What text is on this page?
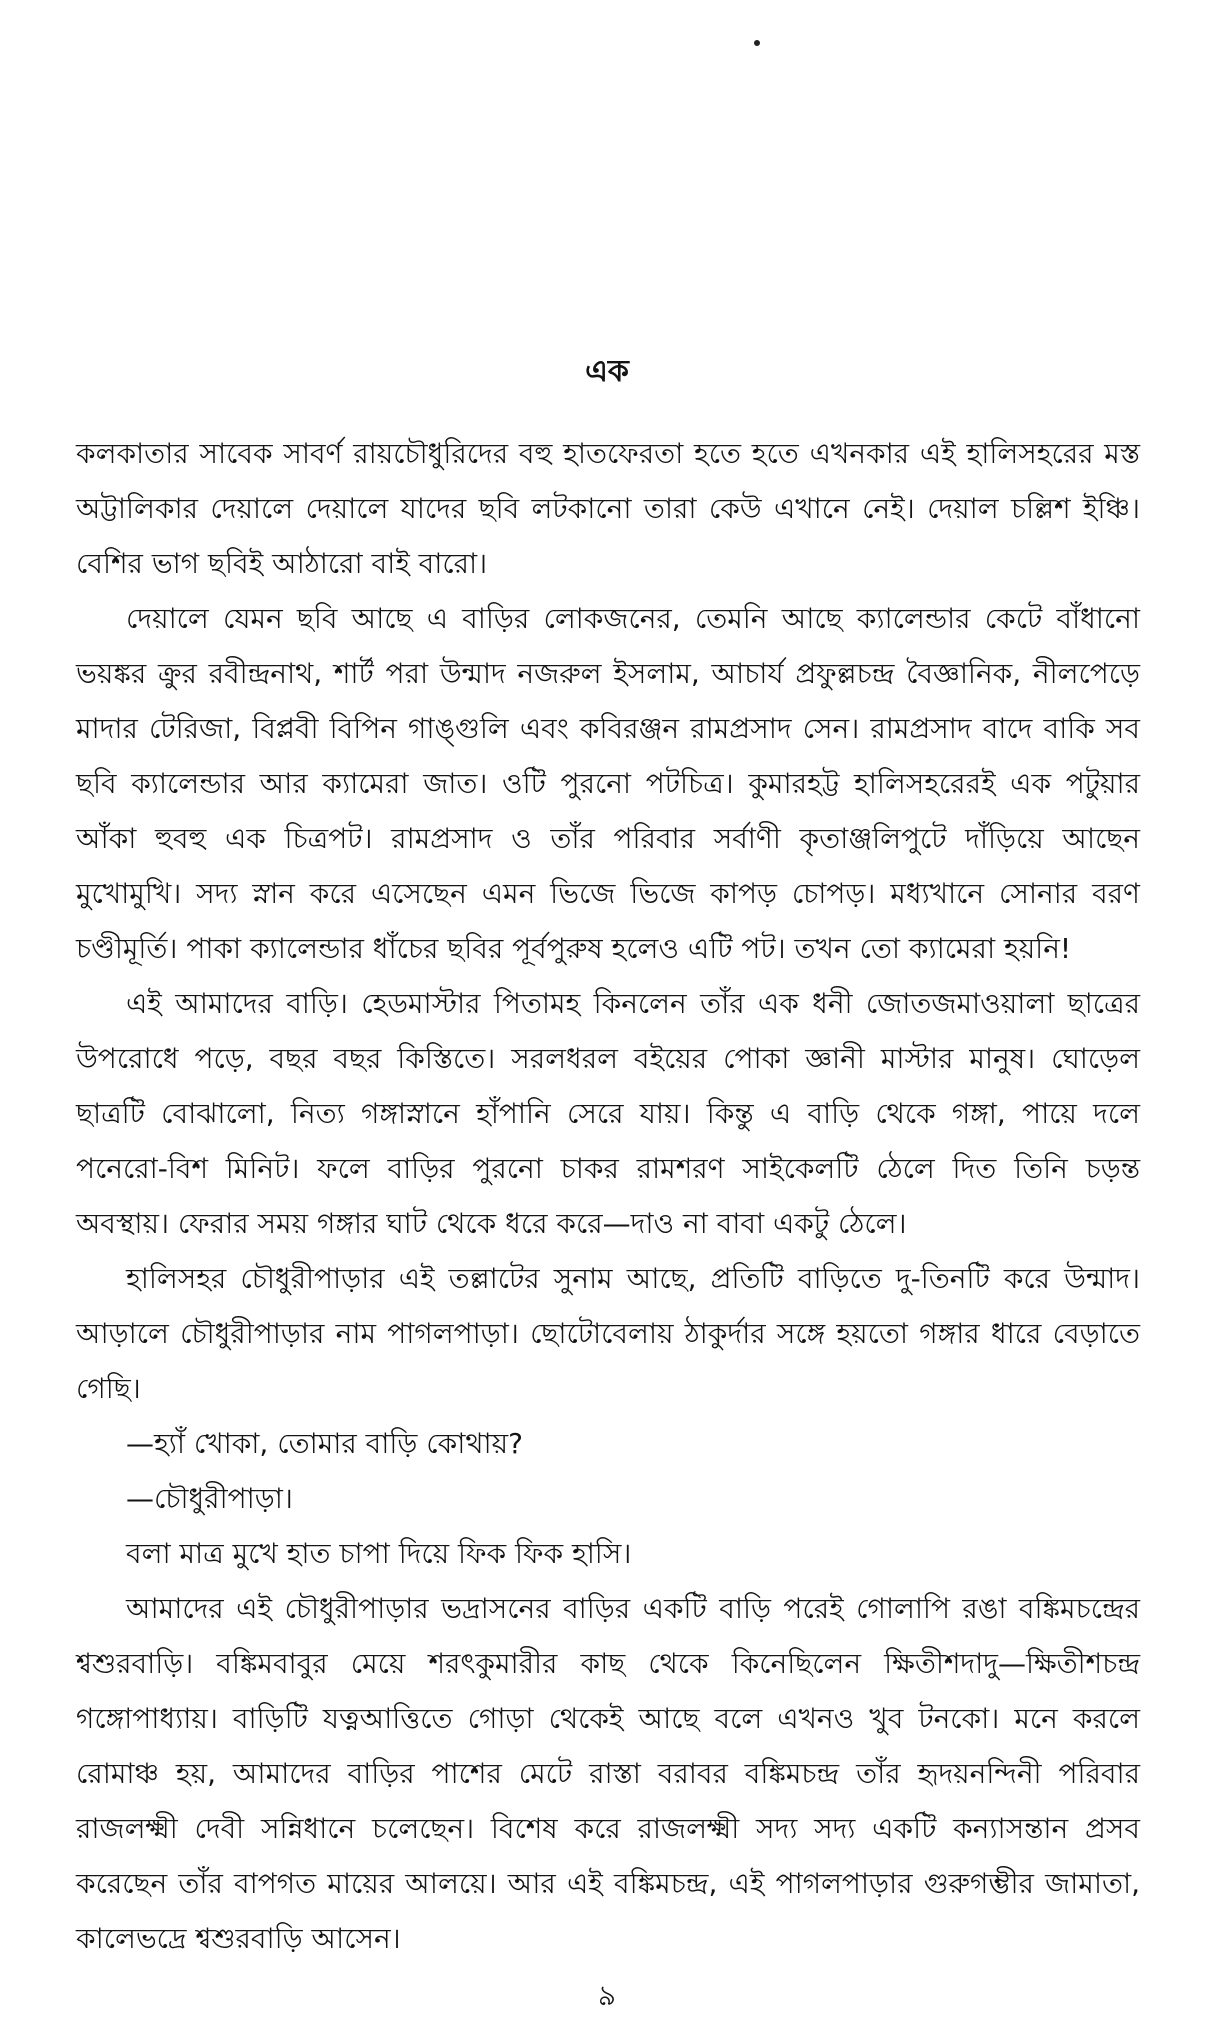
এক

কলকাতার সাবেক সাবর্ণ রায়চৌধুরিদের বহু হাতফেরতা হতে হতে এখনকার এই হালিসহরের মস্ত অট্টালিকার দেয়ালে দেয়ালে যাদের ছবি লটকানো তারা কেউ এখানে নেই। দেয়াল চল্লিশ ইঞ্চি। বেশির ভাগ ছবিই আঠারো বাই বারো।

দেয়ালে যেমন ছবি আছে এ বাড়ির লোকজনের, তেমনি আছে ক্যালেন্ডার কেটে বাঁধানো ভয়ঙ্কর ক্রুর রবীন্দ্রনাথ, শার্ট পরা উন্মাদ নজরুল ইসলাম, আচার্য প্রফুল্লচন্দ্র বৈজ্ঞানিক, নীলপেড়ে মাদার টেরিজা, বিপ্লবী বিপিন গাঙ্গুলি এবং কবিরঞ্জন রামপ্রসাদ সেন। রামপ্রসাদ বাদে বাকি সব ছবি ক্যালেন্ডার আর ক্যামেরা জাত। ওটি পুরনো পটচিত্র। কুমারহট্ট হালিসহরেরই এক পটুয়ার আঁকা হুবহু এক চিত্রপট। রামপ্রসাদ ও তাঁর পরিবার সর্বাণী কৃতাঞ্জলিপুটে দাঁড়িয়ে আছেন মুখোমুখি। সদ্য স্নান করে এসেছেন এমন ভিজে ভিজে কাপড় চোপড়। মধ্যখানে সোনার বরণ চণ্ডীমূর্তি। পাকা ক্যালেন্ডার ধাঁচের ছবির পূর্বপুরুষ হলেও এটি পট। তখন তো ক্যামেরা হয়নি!

এই আমাদের বাড়ি। হেডমাস্টার পিতামহ কিনলেন তাঁর এক ধনী জোতজমাওয়ালা ছাত্রের উপরোধে পড়ে, বছর বছর কিস্তিতে। সরলধরল বইয়ের পোকা জ্ঞানী মাস্টার মানুষ। ঘোড়েল ছাত্রটি বোঝালো, নিত্য গঙ্গাস্নানে হাঁপানি সেরে যায়। কিন্তু এ বাড়ি থেকে গঙ্গা, পায়ে দলে পনেরো-বিশ মিনিট। ফলে বাড়ির পুরনো চাকর রামশরণ সাইকেলটি ঠেলে দিত তিনি চড়ন্ত অবস্থায়। ফেরার সময় গঙ্গার ঘাট থেকে ধরে করে—দাও না বাবা একটু ঠেলে।

হালিসহর চৌধুরীপাড়ার এই তল্লাটের সুনাম আছে, প্রতিটি বাড়িতে দু-তিনটি করে উন্মাদ। আড়ালে চৌধুরীপাড়ার নাম পাগলপাড়া। ছোটোবেলায় ঠাকুর্দার সঙ্গে হয়তো গঙ্গার ধারে বেড়াতে গেছি।

—হ্যাঁ খোকা, তোমার বাড়ি কোথায়?

—চৌধুরীপাড়া।

বলা মাত্র মুখে হাত চাপা দিয়ে ফিক ফিক হাসি।

আমাদের এই চৌধুরীপাড়ার ভদ্রাসনের বাড়ির একটি বাড়ি পরেই গোলাপি রঙা বঙ্কিমচন্দ্রের শ্বশুরবাড়ি। বঙ্কিমবাবুর মেয়ে শরৎকুমারীর কাছ থেকে কিনেছিলেন ক্ষিতীশদাদু—ক্ষিতীশচন্দ্র গঙ্গোপাধ্যায়। বাড়িটি যত্নআত্তিতে গোড়া থেকেই আছে বলে এখনও খুব টনকো। মনে করলে রোমাঞ্চ হয়, আমাদের বাড়ির পাশের মেটে রাস্তা বরাবর বঙ্কিমচন্দ্র তাঁর হৃদয়নন্দিনী পরিবার রাজলক্ষ্মী দেবী সন্নিধানে চলেছেন। বিশেষ করে রাজলক্ষ্মী সদ্য সদ্য একটি কন্যাসন্তান প্রসব করেছেন তাঁর বাপগত মায়ের আলয়ে। আর এই বঙ্কিমচন্দ্র, এই পাগলপাড়ার গুরুগম্ভীর জামাতা, কালেভদ্রে শ্বশুরবাড়ি আসেন।

৯
